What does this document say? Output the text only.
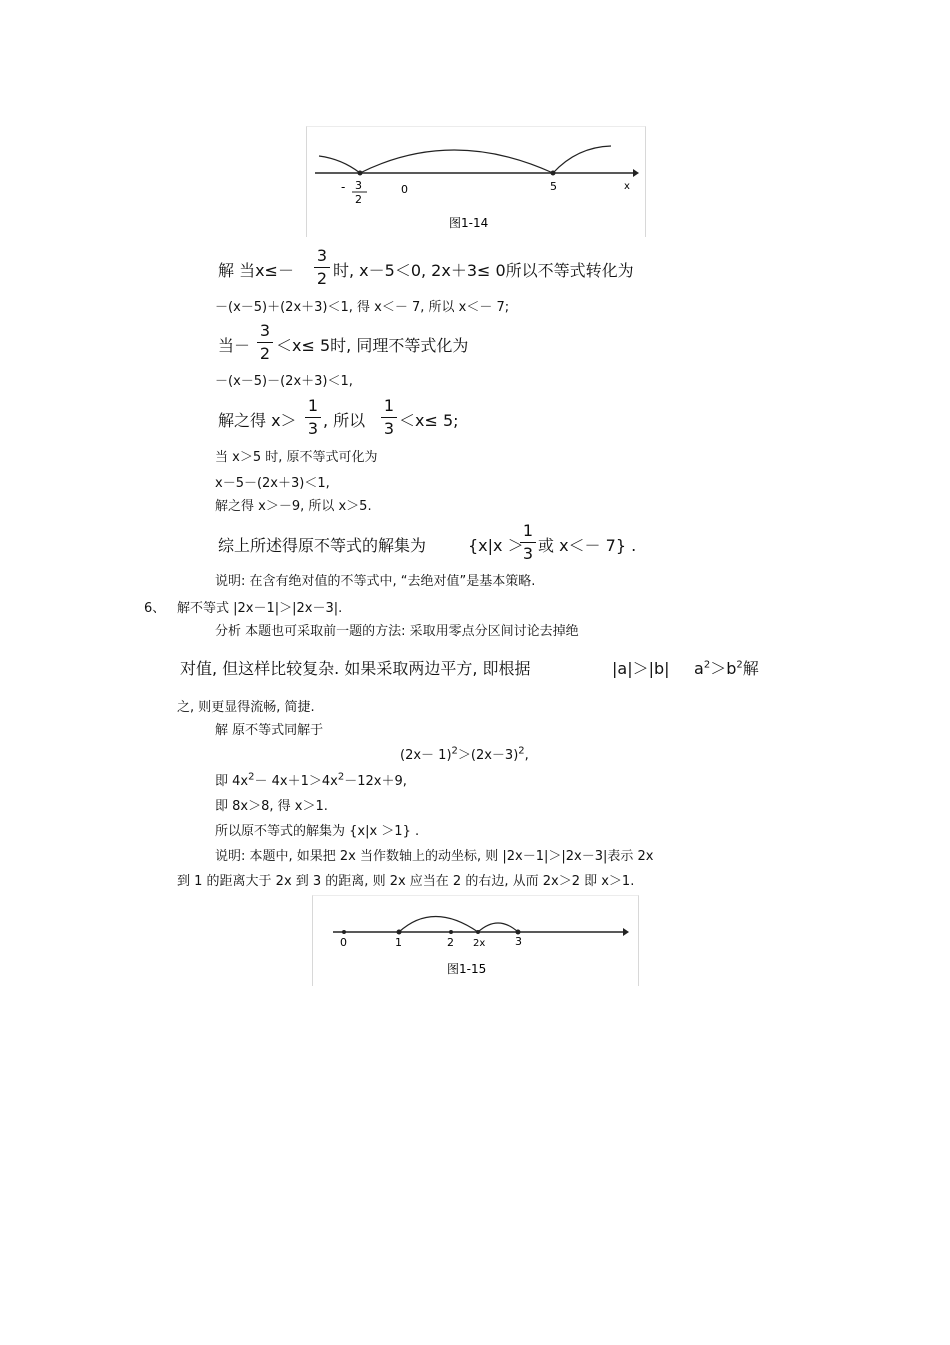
- 3
2
0	5	x
图1-14
解 当x≤－
3
2 时, x－5＜0, 2x＋3≤ 0所以不等式转化为
－(x－5)＋(2x＋3)＜1, 得 x＜－ 7, 所以 x＜－ 7;
当－
3
2 ＜x≤ 5时, 同理不等式化为
－(x－5)－(2x＋3)＜1,
解之得 x＞
1
3 , 所以
1
3 ＜x≤ 5;
当 x＞5 时, 原不等式可化为
x－5－(2x＋3)＜1,
解之得 x＞－9, 所以 x＞5.
综上所述得原不等式的解集为	{x|x ＞
1
3 或 x＜－ 7} .
说明: 在含有绝对值的不等式中, “去绝对值”是基本策略.
6、 解不等式 |2x－1|＞|2x－3|.
分析 本题也可采取前一题的方法: 采取用零点分区间讨论去掉绝
对值, 但这样比较复杂. 如果采取两边平方, 即根据	|a|＞|b| $a^2>b^2$解
之, 则更显得流畅, 简捷.
解 原不等式同解于
$(2x- 1)^2>(2x-3)^2$,
即 $4x^2- 4x+1>4x^2-12x+9$,
即 8x＞8, 得 x＞1.
所以原不等式的解集为 {x|x ＞1} .
说明: 本题中, 如果把 2x 当作数轴上的动坐标, 则 |2x－1|＞|2x－3|表示 2x
到 1 的距离大于 2x 到 3 的距离, 则 2x 应当在 2 的右边, 从而 2x＞2 即 x＞1.
0	1	2 2x	3
图1-15
